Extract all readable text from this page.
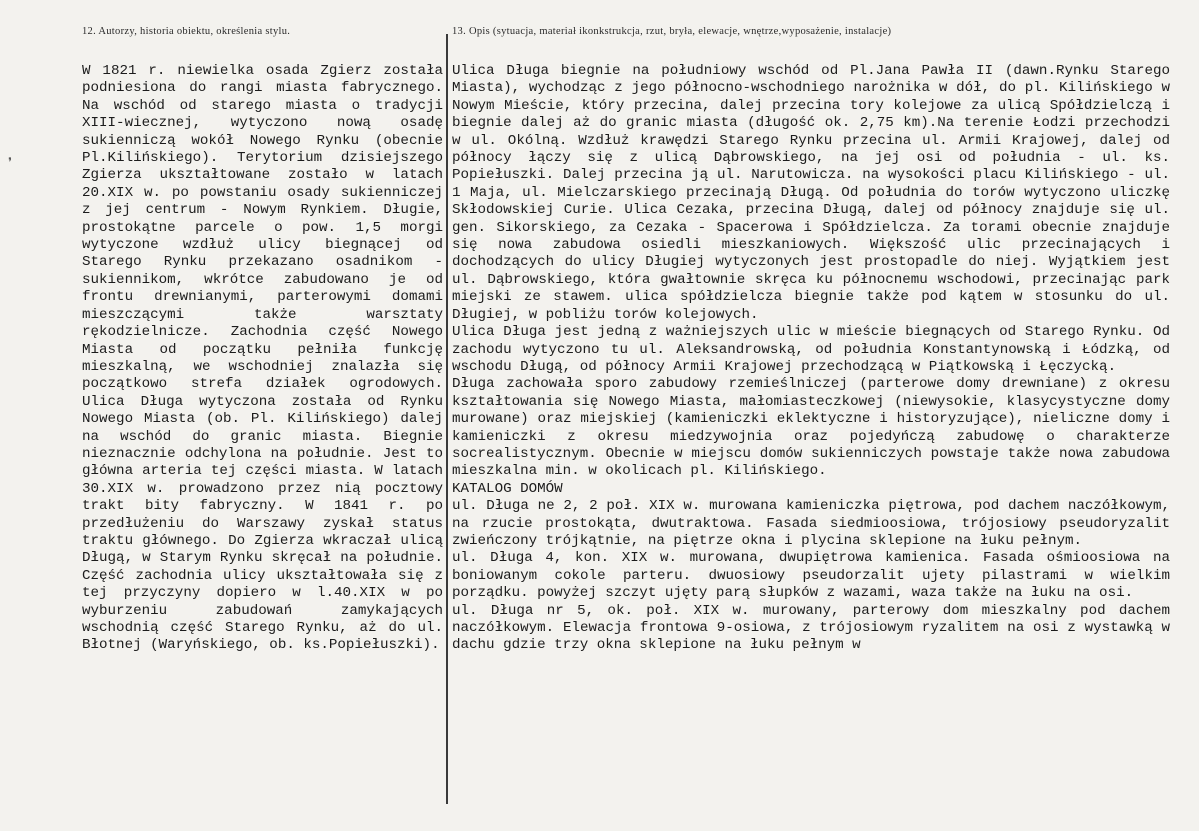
12. Autorzy, historia obiektu, określenia stylu.	13. Opis (sytuacja, materiał ikonkstrukcja, rzut, bryła, elewacje, wnętrze,wyposażenie, instalacje)
❜

W 1821 r. niewielka osada Zgierz została podniesiona do rangi miasta fabrycznego. Na wschód od starego miasta o tradycji XIII-wiecznej, wytyczono nową osadę sukienniczą wokół Nowego Rynku (obecnie Pl.Kilińskiego). Terytorium dzisiejszego Zgierza ukształtowane zostało w latach 20.XIX w. po powstaniu osady sukienniczej z jej centrum - Nowym Rynkiem. Długie, prostokątne parcele o pow. 1,5 morgi wytyczone wzdłuż ulicy biegnącej od Starego Rynku przekazano osadnikom - sukiennikom, wkrótce zabudowano je od frontu drewnianymi, parterowymi domami mieszczącymi także warsztaty rękodzielnicze. Zachodnia część Nowego Miasta od początku pełniła funkcję mieszkalną, we wschodniej znalazła się początkowo strefa działek ogrodowych. Ulica Długa wytyczona została od Rynku Nowego Miasta (ob. Pl. Kilińskiego) dalej na wschód do granic miasta. Biegnie nieznacznie odchylona na południe. Jest to główna arteria tej części miasta. W latach 30.XIX w. prowadzono przez nią pocztowy trakt bity fabryczny. W 1841 r. po przedłużeniu do Warszawy zyskał status traktu głównego. Do Zgierza wkraczał ulicą Długą, w Starym Rynku skręcał na południe. Część zachodnia ulicy ukształtowała się z tej przyczyny dopiero w l.40.XIX w po wyburzeniu zabudowań zamykających wschodnią część Starego Rynku, aż do ul. Błotnej (Waryńskiego, ob. ks.Popiełuszki).

Ulica Długa biegnie na południowy wschód od Pl.Jana Pawła II (dawn.Rynku Starego Miasta), wychodząc z jego północno-wschodniego narożnika w dół, do pl. Kilińskiego w Nowym Mieście, który przecina, dalej przecina tory kolejowe za ulicą Spółdzielczą i biegnie dalej aż do granic miasta (długość ok. 2,75 km).Na terenie Łodzi przechodzi w ul. Okólną. Wzdłuż krawędzi Starego Rynku przecina ul. Armii Krajowej, dalej od północy łączy się z ulicą Dąbrowskiego, na jej osi od południa - ul. ks. Popiełuszki. Dalej przecina ją ul. Narutowicza. na wysokości placu Kilińskiego - ul. 1 Maja, ul. Mielczarskiego przecinają Długą. Od południa do torów wytyczono uliczkę Skłodowskiej Curie. Ulica Cezaka, przecina Długą, dalej od północy znajduje się ul. gen. Sikorskiego, za Cezaka - Spacerowa i Spółdzielcza. Za torami obecnie znajduje się nowa zabudowa osiedli mieszkaniowych. Większość ulic przecinających i dochodzących do ulicy Długiej wytyczonych jest prostopadle do niej. Wyjątkiem jest ul. Dąbrowskiego, która gwałtownie skręca ku północnemu wschodowi, przecinając park miejski ze stawem. ulica spółdzielcza biegnie także pod kątem w stosunku do ul. Długiej, w pobliżu torów kolejowych.

Ulica Długa jest jedną z ważniejszych ulic w mieście biegnących od Starego Rynku. Od zachodu wytyczono tu ul. Aleksandrowską, od południa Konstantynowską i Łódzką, od wschodu Długą, od północy Armii Krajowej przechodzącą w Piątkowską i Łęczycką.

Długa zachowała sporo zabudowy rzemieślniczej (parterowe domy drewniane) z okresu kształtowania się Nowego Miasta, małomiasteczkowej (niewysokie, klasycystyczne domy murowane) oraz miejskiej (kamieniczki eklektyczne i historyzujące), nieliczne domy i kamieniczki z okresu miedzywojnia oraz pojedyńczą zabudowę o charakterze socrealistycznym. Obecnie w miejscu domów sukienniczych powstaje także nowa zabudowa mieszkalna min. w okolicach pl. Kilińskiego.

KATALOG DOMÓW

ul. Długa ne 2, 2 poł. XIX w. murowana kamieniczka piętrowa, pod dachem naczółkowym, na rzucie prostokąta, dwutraktowa. Fasada siedmioosiowa, trójosiowy pseudoryzalit zwieńczony trójkątnie, na piętrze okna i plycina sklepione na łuku pełnym.

ul. Długa 4, kon. XIX w. murowana, dwupiętrowa kamienica. Fasada ośmioosiowa na boniowanym cokole parteru. dwuosiowy pseudorzalit ujety pilastrami w wielkim porządku. powyżej szczyt ujęty parą słupków z wazami, waza także na łuku na osi.

ul. Długa nr 5, ok. poł. XIX w. murowany, parterowy dom mieszkalny pod dachem naczółkowym. Elewacja frontowa 9-osiowa, z trójosiowym ryzalitem na osi z wystawką w dachu gdzie trzy okna sklepione na łuku pełnym w
